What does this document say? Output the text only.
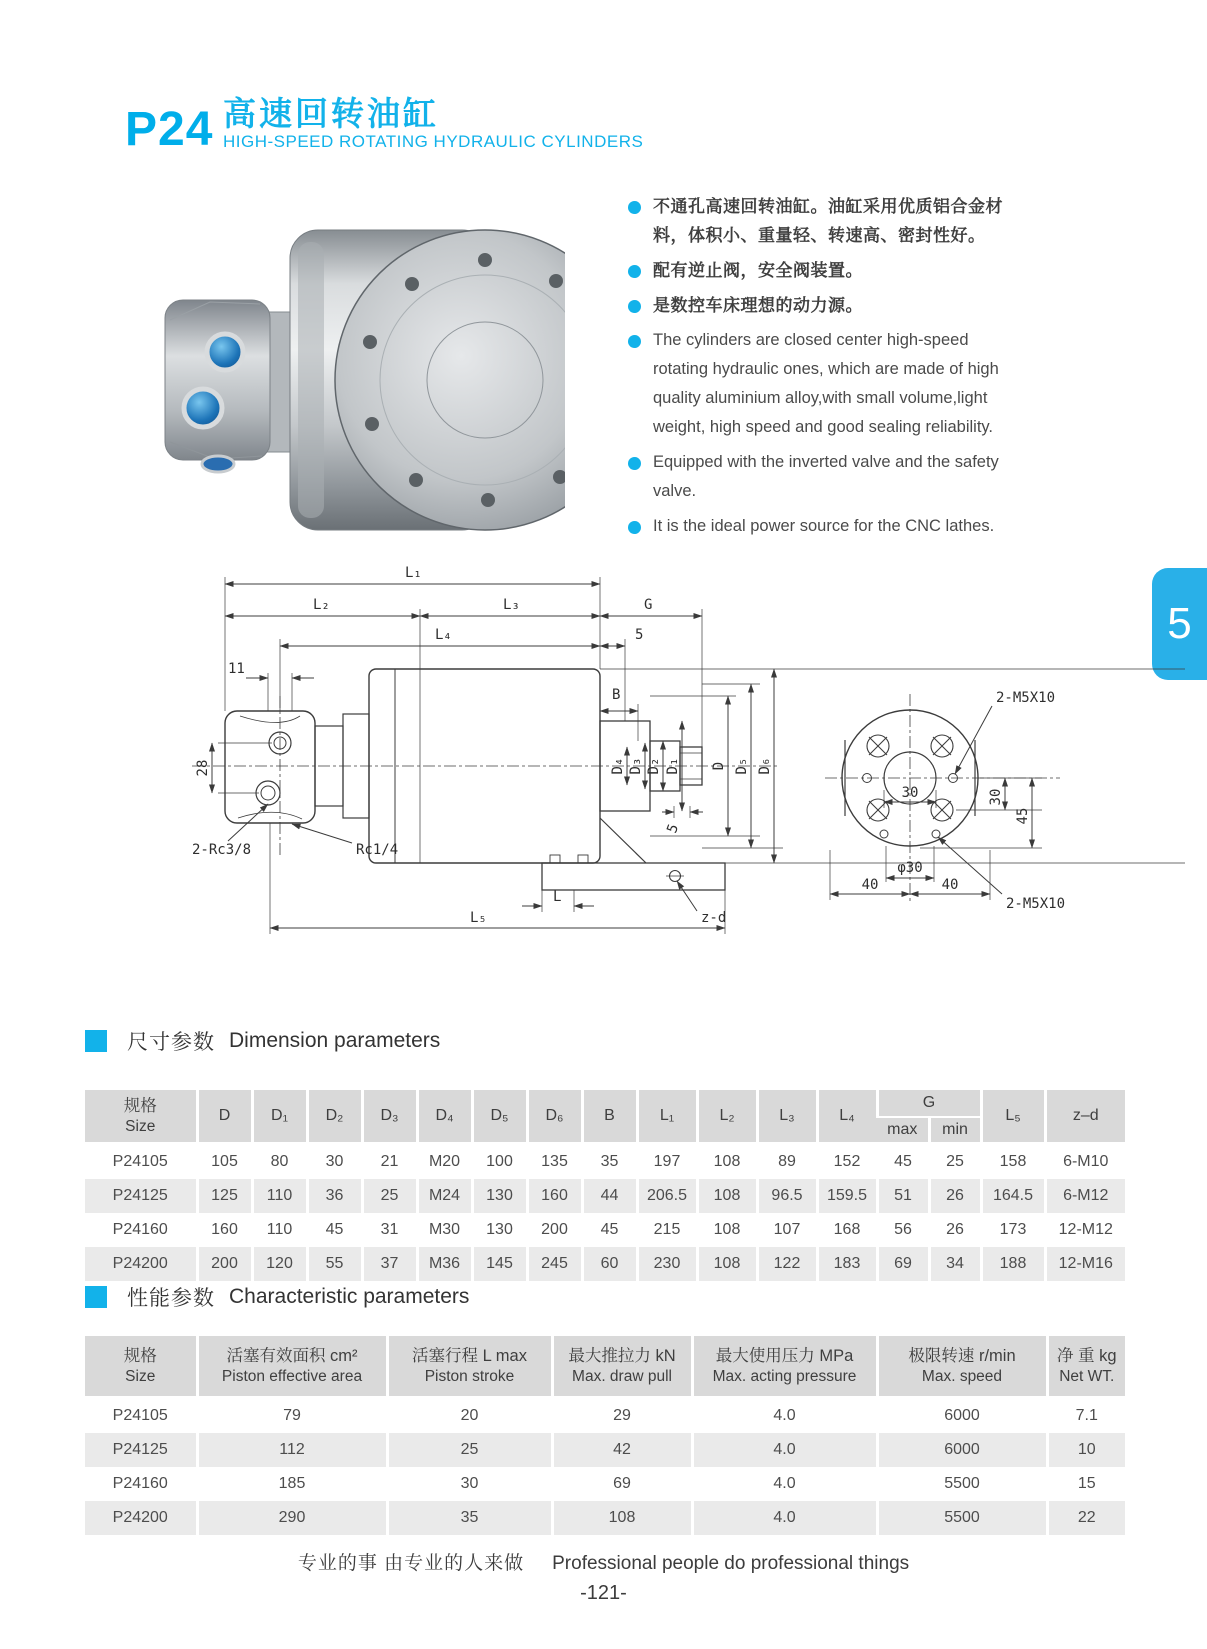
P24 高速回转油缸
HIGH-SPEED ROTATING HYDRAULIC CYLINDERS
不通孔高速回转油缸。油缸采用优质铝合金材料，体积小、重量轻、转速高、密封性好。
配有逆止阀，安全阀装置。
是数控车床理想的动力源。
The cylinders are closed center high-speed rotating hydraulic ones, which are made of high quality aluminium alloy,with small volume,light weight, high speed and good sealing reliability.
Equipped with the inverted valve and the safety valve.
It is the ideal power source for the CNC lathes.
5
L₁
L₂	L₃	G
L₄	5
11
B
28	D₄ D₃ D₂ D₁ D D₅ D₆
5
2-Rc3/8	Rc1/4
L
z-d
L₅
2-M5X10
30	30
45
φ30
40	40
2-M5X10
尺寸参数 Dimension parameters
规格
Size	D	D₁	D₂	D₃	D₄	D₅	D₆	B	L₁	L₂	L₃	L₄	G		L₅	z–d
													max	min		
P24105	105	80	30	21	M20	100	135	35	197	108	89	152	45	25	158	6-M10
P24125	125	110	36	25	M24	130	160	44	206.5	108	96.5	159.5	51	26	164.5	6-M12
P24160	160	110	45	31	M30	130	200	45	215	108	107	168	56	26	173	12-M12
P24200	200	120	55	37	M36	145	245	60	230	108	122	183	69	34	188	12-M16
性能参数 Characteristic parameters
规格
Size

活塞有效面积 cm²
Piston effective area

活塞行程 L max
Piston stroke

最大推拉力 kN
Max. draw pull

最大使用压力 MPa
Max. acting pressure

极限转速 r/min
Max. speed

净 重 kg
Net WT.

P24105	79	20	29	4.0	6000	7.1
P24125	112	25	42	4.0	6000	10
P24160	185	30	69	4.0	5500	15
P24200	290	35	108	4.0	5500	22
专业的事 由专业的人来做 Professional people do professional things
-121-
